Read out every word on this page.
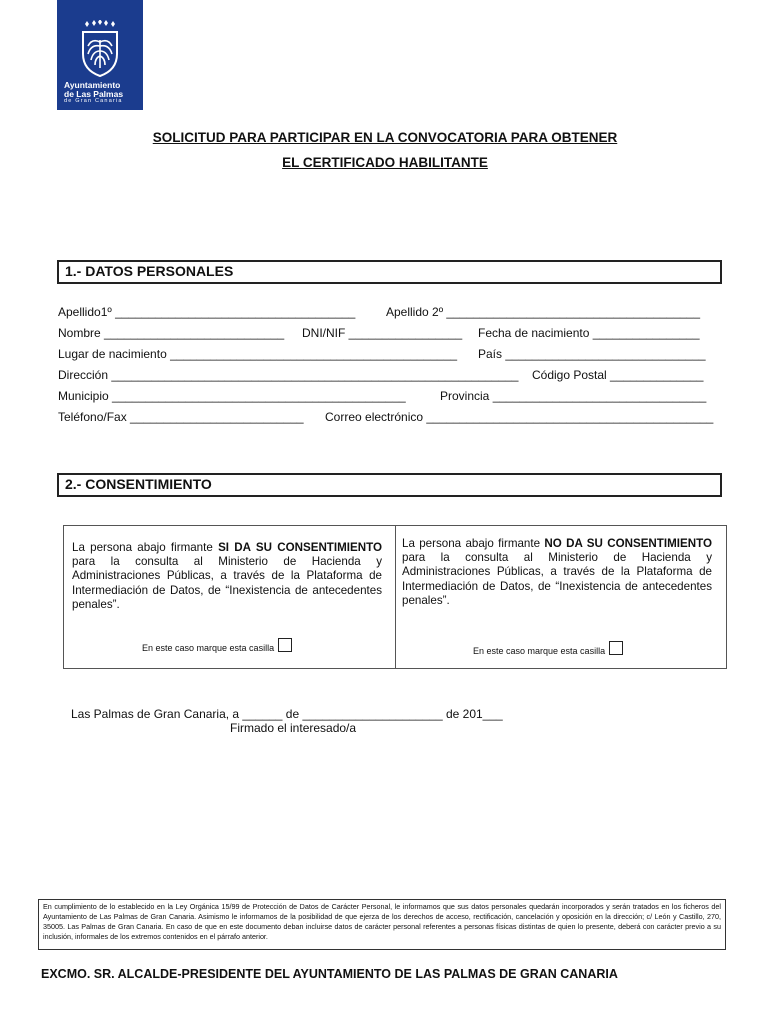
Ayuntamiento
de Las Palmas
de Gran Canaria
SOLICITUD PARA PARTICIPAR EN LA CONVOCATORIA PARA OBTENER
EL CERTIFICADO HABILITANTE
1.- DATOS PERSONALES
Apellido1º ____________________________________	Apellido 2º ______________________________________
Nombre ___________________________ DNI/NIF _________________ Fecha de nacimiento ________________
Lugar de nacimiento ___________________________________________ País ______________________________
Dirección _____________________________________________________________ Código Postal ______________
Municipio ____________________________________________	Provincia ________________________________
Teléfono/Fax __________________________ Correo electrónico ___________________________________________
2.- CONSENTIMIENTO
La persona abajo firmante SI DA SU CONSENTIMIENTO para la consulta al Ministerio de Hacienda y Administraciones Públicas, a través de la Plataforma de Intermediación de Datos, de “Inexistencia de antecedentes penales”.
En este caso marque esta casilla
La persona abajo firmante NO DA SU CONSENTIMIENTO para la consulta al Ministerio de Hacienda y Administraciones Públicas, a través de la Plataforma de Intermediación de Datos, de “Inexistencia de antecedentes penales”.
En este caso marque esta casilla
Las Palmas de Gran Canaria, a ______ de _____________________ de 201___
Firmado el interesado/a
En cumplimiento de lo establecido en la Ley Orgánica 15/99 de Protección de Datos de Carácter Personal, le informamos que sus datos personales quedarán incorporados y serán tratados en los ficheros del Ayuntamiento de Las Palmas de Gran Canaria. Asimismo le informamos de la posibilidad de que ejerza de los derechos de acceso, rectificación, cancelación y oposición en la dirección; c/ León y Castillo, 270, 35005. Las Palmas de Gran Canaria. En caso de que en este documento deban incluirse datos de carácter personal referentes a personas físicas distintas de quien lo presente, deberá con carácter previo a su inclusión, informales de los extremos contenidos en el párrafo anterior.
EXCMO. SR. ALCALDE-PRESIDENTE DEL AYUNTAMIENTO DE LAS PALMAS DE GRAN CANARIA
